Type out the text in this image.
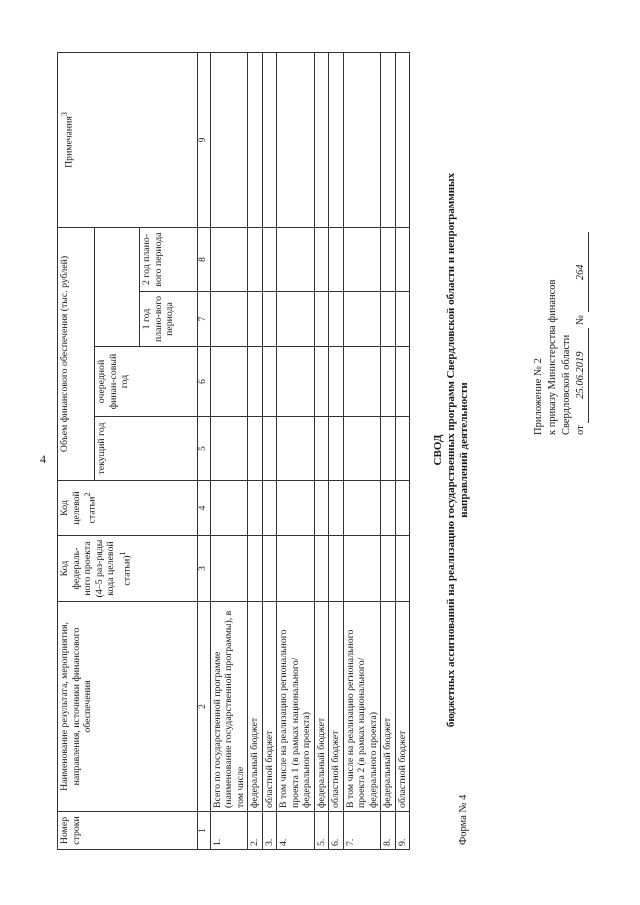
4
Приложение № 2 к приказу Министерства финансов Свердловской области от 25.06.2019 № 264
Форма № 4
СВОД бюджетных ассигнований на реализацию государственных программ Свердловской области и непрограммных направлений деятельности
Номер строки	Наименование результата, мероприятия, направления, источники финансового обеспечения	Код федераль-ного проекта (4–5 раз-ряды кода целевой статьи)$^1$	Код целевой статьи$^2$	Объем финансового обеспечения (тыс. рублей)				Примечания$^3$
				текущий год	очередной финан-совый год			
						1 год плано-вого периода	2 год плано-вого периода	
1	2	3	4	5	6	7	8	9
1.	Всего по государственной программе (наименование государственной программы), в том числе							
2.	федеральный бюджет							
3.	областной бюджет							
4.	В том числе на реализацию регионального проекта 1 (в рамках национального/федерального проекта)							
5.	федеральный бюджет							
6.	областной бюджет							
7.	В том числе на реализацию регионального проекта 2 (в рамках национального/федерального проекта)							
8.	федеральный бюджет							
9.	областной бюджет							
